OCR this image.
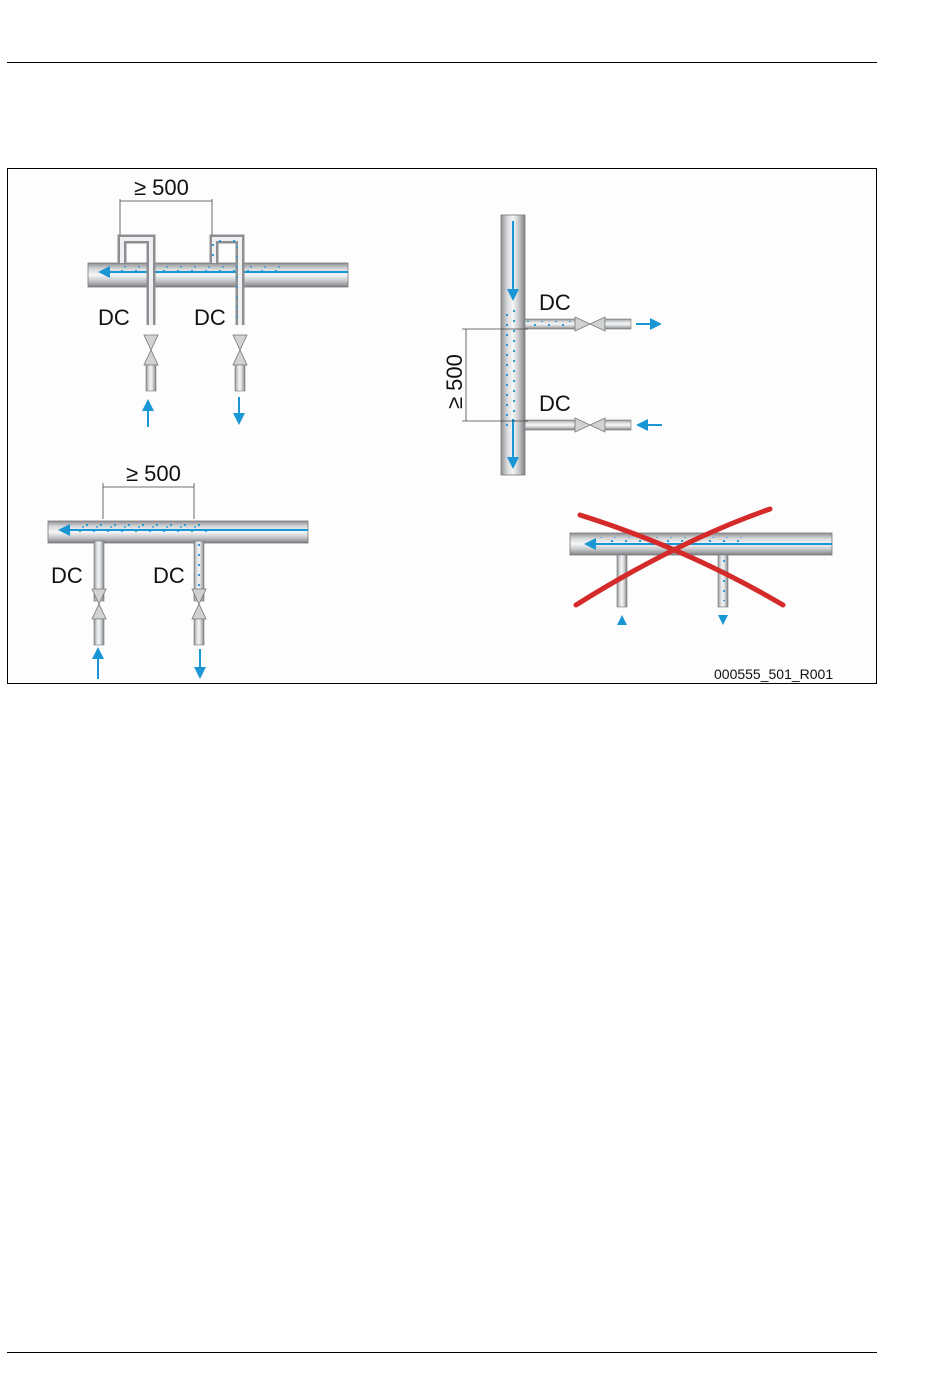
≥ 500
DC	DC
≥ 500
DC	DC
≥ 500
DC
DC
000555_501_R001
